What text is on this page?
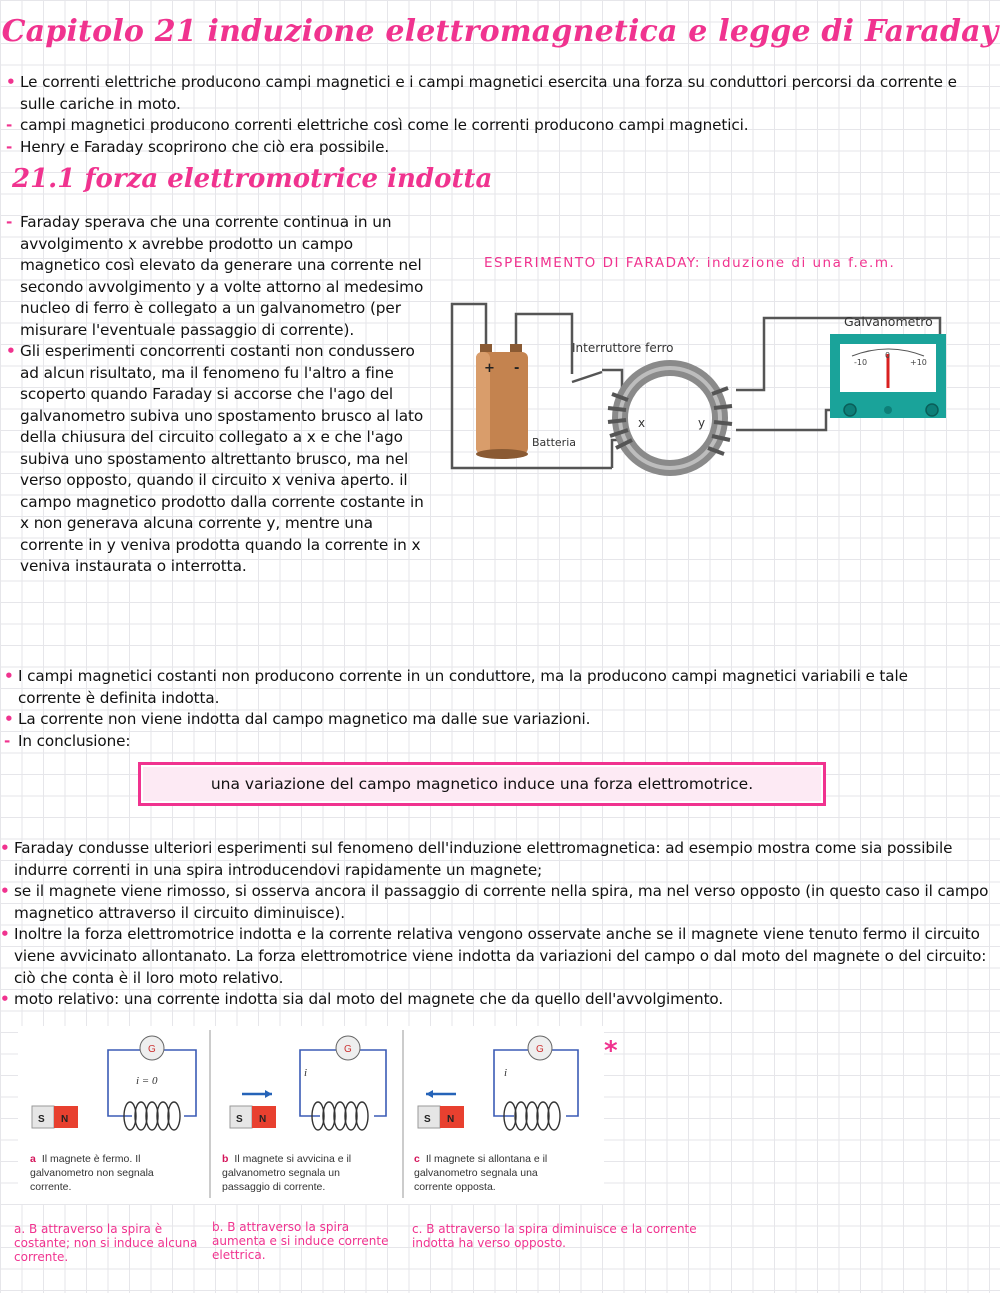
Capitolo 21 induzione elettromagnetica e legge di Faraday

• Le correnti elettriche producono campi magnetici e i campi magnetici esercita una forza su conduttori percorsi da corrente e sulle cariche in moto.

- campi magnetici producono correnti elettriche così come le correnti producono campi magnetici.

- Henry e Faraday scoprirono che ciò era possibile.

21.1 forza elettromotrice indotta

- Faraday sperava che una corrente continua in un avvolgimento x avrebbe prodotto un campo magnetico così elevato da generare una corrente nel secondo avvolgimento y a volte attorno al medesimo nucleo di ferro è collegato a un galvanometro (per misurare l'eventuale passaggio di corrente).

• Gli esperimenti concorrenti costanti non condussero ad alcun risultato, ma il fenomeno fu l'altro a fine scoperto quando Faraday si accorse che l'ago del galvanometro subiva uno spostamento brusco al lato della chiusura del circuito collegato a x e che l'ago subiva uno spostamento altrettanto brusco, ma nel verso opposto, quando il circuito x veniva aperto. il campo magnetico prodotto dalla corrente costante in x non generava alcuna corrente y, mentre una corrente in y veniva prodotta quando la corrente in x veniva instaurata o interrotta.

ESPERIMENTO DI FARADAY: induzione di una f.e.m.
+ -
x	y
Interruttore ferro
Batteria
-10
0
+10
Galvanometro

• I campi magnetici costanti non producono corrente in un conduttore, ma la producono campi magnetici variabili e tale corrente è definita indotta.

• La corrente non viene indotta dal campo magnetico ma dalle sue variazioni.

- In conclusione:

una variazione del campo magnetico induce una forza elettromotrice.

• Faraday condusse ulteriori esperimenti sul fenomeno dell'induzione elettromagnetica: ad esempio mostra come sia possibile indurre correnti in una spira introducendovi rapidamente un magnete;

• se il magnete viene rimosso, si osserva ancora il passaggio di corrente nella spira, ma nel verso opposto (in questo caso il campo magnetico attraverso il circuito diminuisce).

• Inoltre la forza elettromotrice indotta e la corrente relativa vengono osservate anche se il magnete viene tenuto fermo il circuito viene avvicinato allontanato. La forza elettromotrice viene indotta da variazioni del campo o dal moto del magnete o del circuito: ciò che conta è il loro moto relativo.

• moto relativo: una corrente indotta sia dal moto del magnete che da quello dell'avvolgimento.

G
i = 0
S N
G
i
S N
G
i
S N
a Il magnete è fermo. Il galvanometro non segnala corrente.
b Il magnete si avvicina e il galvanometro segnala un passaggio di corrente.
c Il magnete si allontana e il galvanometro segnala una corrente opposta.
*
a. B attraverso la spira è costante; non si induce alcuna corrente.
b. B attraverso la spira aumenta e si induce corrente elettrica.
c. B attraverso la spira diminuisce e la corrente indotta ha verso opposto.
